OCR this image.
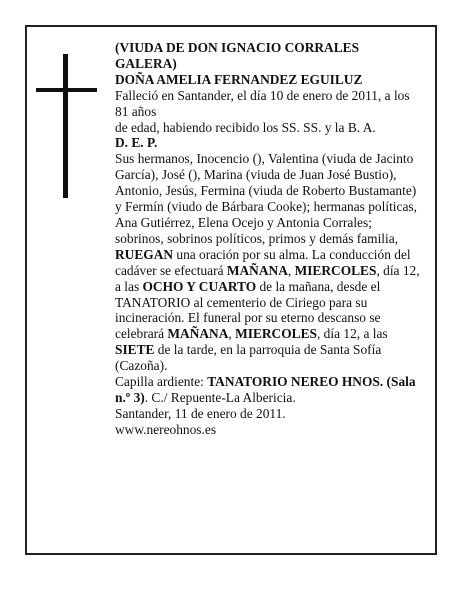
(VIUDA DE DON IGNACIO CORRALES GALERA)

DOÑA AMELIA FERNANDEZ EGUILUZ

Falleció en Santander, el día 10 de enero de 2011, a los 81 años

de edad, habiendo recibido los SS. SS. y la B. A.

D. E. P.

Sus hermanos, Inocencio (), Valentina (viuda de Jacinto García), José (), Marina (viuda de Juan José Bustio), Antonio, Jesús, Fermina (viuda de Roberto Bustamante) y Fermín (viudo de Bárbara Cooke); hermanas políticas, Ana Gutiérrez, Elena Ocejo y Antonia Corrales; sobrinos, sobrinos políticos, primos y demás familia,

RUEGAN una oración por su alma. La conducción del cadáver se efectuará MAÑANA, MIERCOLES, día 12, a las OCHO Y CUARTO de la mañana, desde el TANATORIO al cementerio de Ciriego para su incineración. El funeral por su eterno descanso se celebrará MAÑANA, MIERCOLES, día 12, a las SIETE de la tarde, en la parroquia de Santa Sofía (Cazoña).

Capilla ardiente: TANATORIO NEREO HNOS. (Sala n.º 3). C./ Repuente-La Albericia.

Santander, 11 de enero de 2011.

www.nereohnos.es
